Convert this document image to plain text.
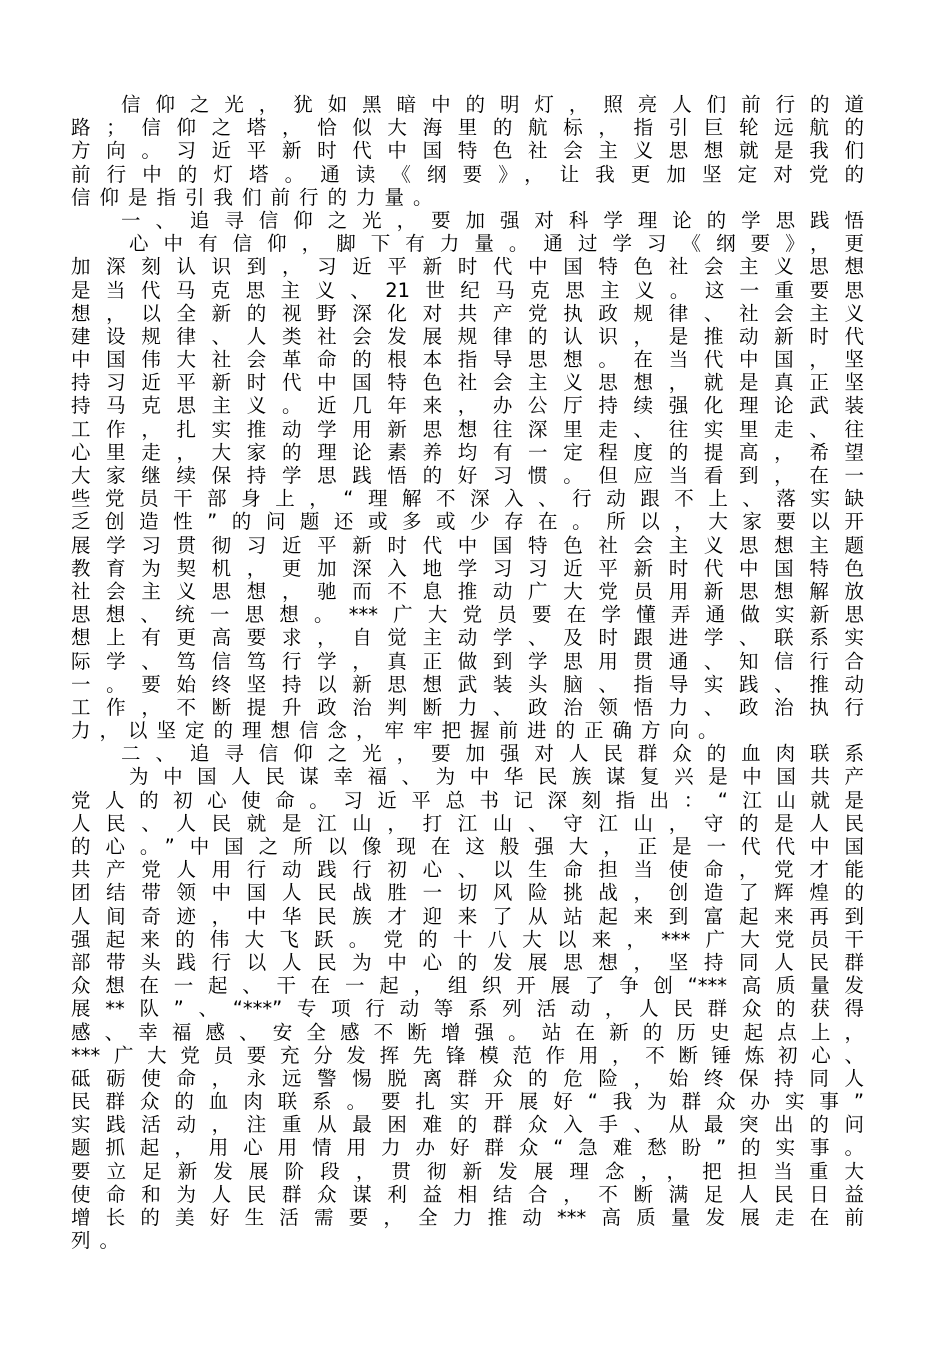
信仰之光，犹如黑暗中的明灯，照亮人们前行的道
路；信仰之塔，恰似大海里的航标，指引巨轮远航的
方向。习近平新时代中国特色社会主义思想就是我们
前行中的灯塔。通读《纲要》，让我更加坚定对党的
信仰是指引我们前行的力量。
一、追寻信仰之光，要加强对科学理论的学思践悟
心中有信仰，脚下有力量。通过学习《纲要》，更
加深刻认识到，习近平新时代中国特色社会主义思想
是当代马克思主义、21世纪马克思主义。这一重要思
想，以全新的视野深化对共产党执政规律、社会主义
建设规律、人类社会发展规律的认识，是推动新时代
中国伟大社会革命的根本指导思想。在当代中国，坚
持习近平新时代中国特色社会主义思想，就是真正坚
持马克思主义。近几年来，办公厅持续强化理论武装
工作，扎实推动学用新思想往深里走、往实里走、往
心里走，大家的理论素养均有一定程度的提高，希望
大家继续保持学思践悟的好习惯。但应当看到，在一
些党员干部身上，“理解不深入、行动跟不上、落实缺
乏创造性”的问题还或多或少存在。所以，大家要以开
展学习贯彻习近平新时代中国特色社会主义思想主题
教育为契机，更加深入地学习习近平新时代中国特色
社会主义思想，驰而不息推动广大党员用新思想解放
思想、统一思想。***广大党员要在学懂弄通做实新思
想上有更高要求，自觉主动学、及时跟进学、联系实
际学、笃信笃行学，真正做到学思用贯通、知信行合
一。要始终坚持以新思想武装头脑、指导实践、推动
工作，不断提升政治判断力、政治领悟力、政治执行
力，以坚定的理想信念，牢牢把握前进的正确方向。
二、追寻信仰之光，要加强对人民群众的血肉联系
为中国人民谋幸福、为中华民族谋复兴是中国共产
党人的初心使命。习近平总书记深刻指出：“江山就是
人民、人民就是江山，打江山、守江山，守的是人民
的心。”中国之所以像现在这般强大，正是一代代中国
共产党人用行动践行初心、以生命担当使命，党才能
团结带领中国人民战胜一切风险挑战，创造了辉煌的
人间奇迹，中华民族才迎来了从站起来到富起来再到
强起来的伟大飞跃。党的十八大以来，***广大党员干
部带头践行以人民为中心的发展思想，坚持同人民群
众想在一起、干在一起，组织开展了争创“***高质量发
展**队”、“***”专项行动等系列活动，人民群众的获得
感、幸福感、安全感不断增强。站在新的历史起点上，
***广大党员要充分发挥先锋模范作用，不断锤炼初心、
砥砺使命，永远警惕脱离群众的危险，始终保持同人
民群众的血肉联系。要扎实开展好“我为群众办实事”
实践活动，注重从最困难的群众入手、从最突出的问
题抓起，用心用情用力办好群众“急难愁盼”的实事。
要立足新发展阶段，贯彻新发展理念，，把担当重大
使命和为人民群众谋利益相结合，不断满足人民日益
增长的美好生活需要，全力推动***高质量发展走在前
列。
